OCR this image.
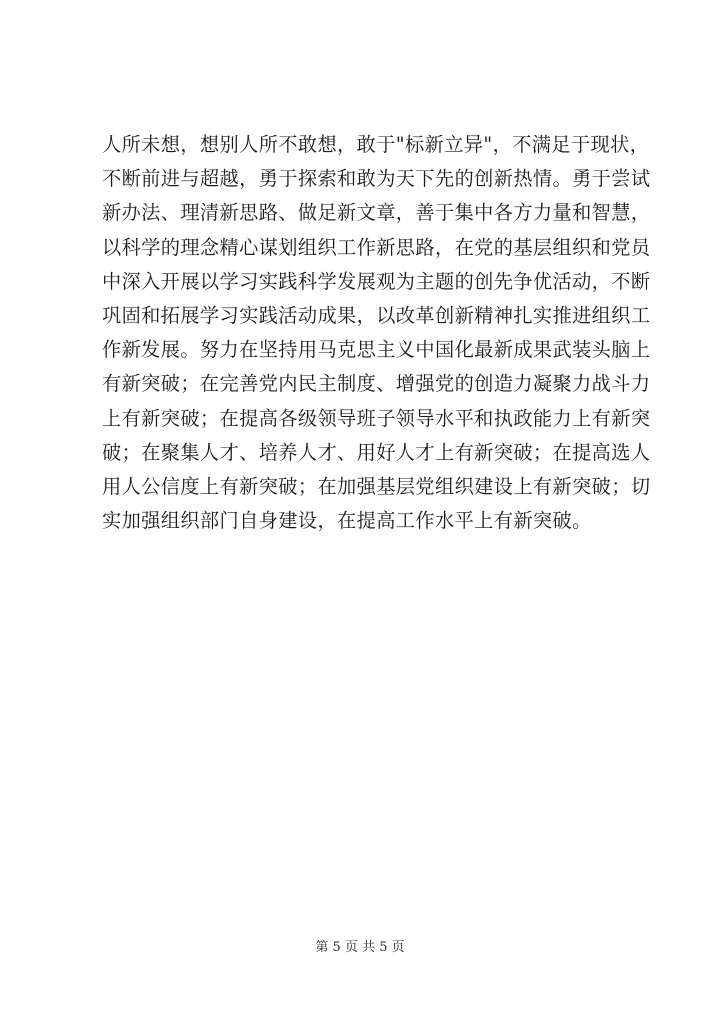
人所未想，想别人所不敢想，敢于"标新立异"，不满足于现状，
不断前进与超越，勇于探索和敢为天下先的创新热情。勇于尝试
新办法、理清新思路、做足新文章，善于集中各方力量和智慧，
以科学的理念精心谋划组织工作新思路，在党的基层组织和党员
中深入开展以学习实践科学发展观为主题的创先争优活动，不断
巩固和拓展学习实践活动成果，以改革创新精神扎实推进组织工
作新发展。努力在坚持用马克思主义中国化最新成果武装头脑上
有新突破；在完善党内民主制度、增强党的创造力凝聚力战斗力
上有新突破；在提高各级领导班子领导水平和执政能力上有新突
破；在聚集人才、培养人才、用好人才上有新突破；在提高选人
用人公信度上有新突破；在加强基层党组织建设上有新突破；切
实加强组织部门自身建设，在提高工作水平上有新突破。
第 5 页 共 5 页
